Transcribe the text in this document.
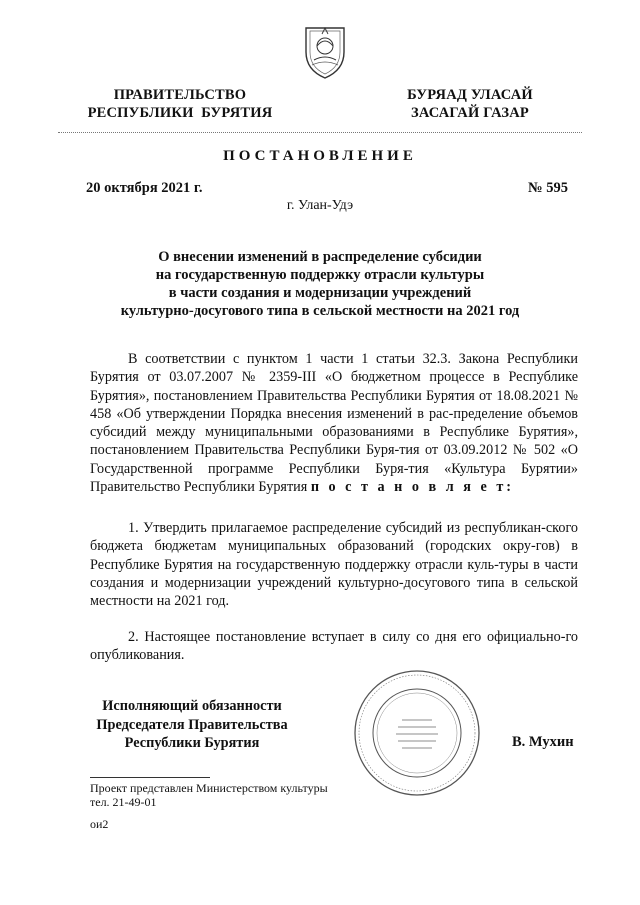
ПРАВИТЕЛЬСТВО
РЕСПУБЛИКИ  БУРЯТИЯ
БУРЯАД УЛАСАЙ
ЗАСАГАЙ ГАЗАР
ПОСТАНОВЛЕНИЕ
20 октября 2021 г.	№ 595
г. Улан-Удэ
О внесении изменений в распределение субсидии
на государственную поддержку отрасли культуры
в части создания и модернизации учреждений
культурно-досугового типа в сельской местности на 2021 год
В соответствии с пунктом 1 части 1 статьи 32.3. Закона Республики Бурятия от 03.07.2007 № 2359-III «О бюджетном процессе в Республике Бурятия», постановлением Правительства Республики Бурятия от 18.08.2021 № 458 «Об утверждении Порядка внесения изменений в рас-пределение объемов субсидий между муниципальными образованиями в Республике Бурятия», постановлением Правительства Республики Буря-тия от 03.09.2012 № 502 «О Государственной программе Республики Буря-тия «Культура Бурятии» Правительство Республики Бурятия п о с т а н о в л я е т:
1. Утвердить прилагаемое распределение субсидий из республикан-ского бюджета бюджетам муниципальных образований (городских окру-гов) в Республике Бурятия на государственную поддержку отрасли куль-туры в части создания и модернизации учреждений культурно-досугового типа в сельской местности на 2021 год.
2. Настоящее постановление вступает в силу со дня его официально-го опубликования.
Исполняющий обязанности
Председателя Правительства
Республики Бурятия	В. Мухин
Проект представлен Министерством культуры
тел. 21-49-01
ои2
